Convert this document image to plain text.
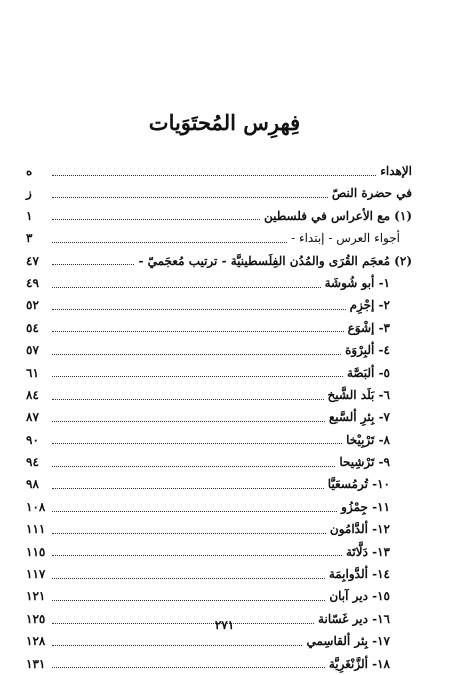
فِهرِس المُحتَوَيات
الإهداء
ه
في حضرة النصّ
ز
(١) مع الأعراس في فلسطين
١
أجواء العرس - إبتداء -
٣
(٢) مُعجَم القُرَى والمُدُن الفِلَسطينيَّة - ترتيب مُعجَميّ -
٤٧
١- أبو شُوشَة
٤٩
٢- إجْزِم
٥٢
٣- إشْوَع
٥٤
٤- ألبِرْوَة
٥٧
٥- ألبَصَّة
٦١
٦- بَلَد الشَّيخ
٨٤
٧- بِئرِ ألسَّبع
٨٧
٨- تَرْبِيْخا
٩٠
٩- تَرْشِيحا
٩٤
١٠- تُرمُسعَيَّا
٩٨
١١- جِمْزُو
١٠٨
١٢- ألدَّامُون
١١١
١٣- دَلَّاتَة
١١٥
١٤- ألدَّوابِمَة
١١٧
١٥- دير آبان
١٢١
١٦- دير غَسّانة
١٢٥
١٧- بِئر ألقاسِمي
١٢٨
١٨- ألزَّنْغَرِيَّة
١٣١
٢٧١
